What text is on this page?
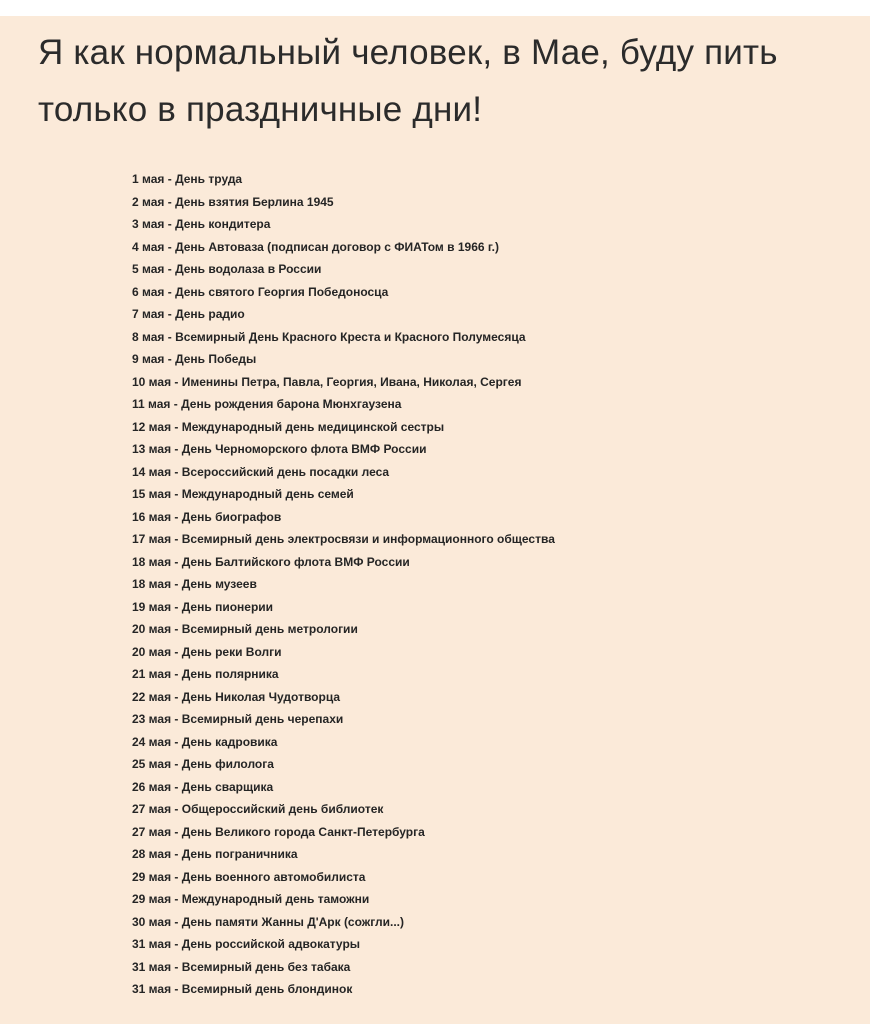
Я как нормальный человек, в Мае, буду пить только в праздничные дни!
1 мая - День труда
2 мая - День взятия Берлина 1945
3 мая - День кондитера
4 мая - День Автоваза (подписан договор с ФИАТом в 1966 г.)
5 мая - День водолаза в России
6 мая - День святого Георгия Победоносца
7 мая - День радио
8 мая - Всемирный День Красного Креста и Красного Полумесяца
9 мая - День Победы
10 мая - Именины Петра, Павла, Георгия, Ивана, Николая, Сергея
11 мая - День рождения барона Мюнхгаузена
12 мая - Международный день медицинской сестры
13 мая - День Черноморского флота ВМФ России
14 мая - Всероссийский день посадки леса
15 мая - Международный день семей
16 мая - День биографов
17 мая - Всемирный день электросвязи и информационного общества
18 мая - День Балтийского флота ВМФ России
18 мая - День музеев
19 мая - День пионерии
20 мая - Всемирный день метрологии
20 мая - День реки Волги
21 мая - День полярника
22 мая - День Николая Чудотворца
23 мая - Всемирный день черепахи
24 мая - День кадровика
25 мая - День филолога
26 мая - День сварщика
27 мая - Общероссийский день библиотек
27 мая - День Великого города Санкт-Петербурга
28 мая - День пограничника
29 мая - День военного автомобилиста
29 мая - Международный день таможни
30 мая - День памяти Жанны Д'Арк (сожгли...)
31 мая - День российской адвокатуры
31 мая - Всемирный день без табака
31 мая - Всемирный день блондинок
